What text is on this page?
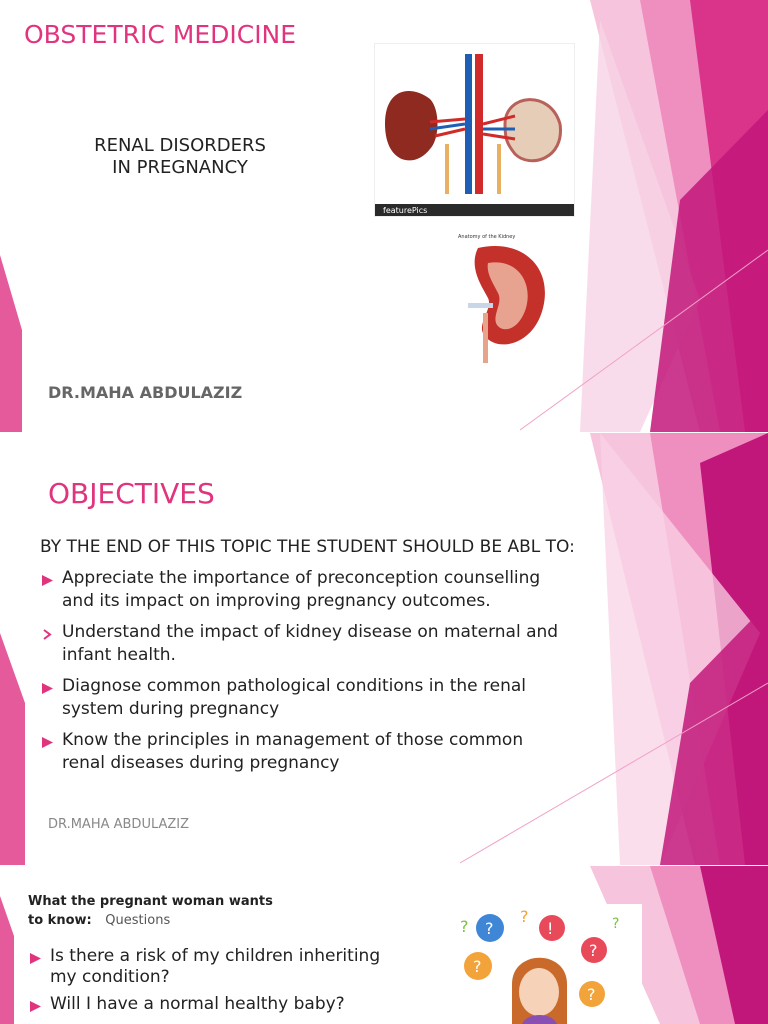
OBSTETRIC MEDICINE
RENAL DISORDERS
IN PREGNANCY
DR.MAHA ABDULAZIZ
featurePics
Anatomy of the Kidney
OBJECTIVES
BY THE END OF THIS TOPIC THE STUDENT SHOULD BE ABL TO:
Appreciate the importance of preconception counselling
and its impact on improving pregnancy outcomes.
Understand the impact of kidney disease on maternal and
infant health.
Diagnose common pathological conditions in the renal
system during pregnancy
Know the principles in management of those common
renal diseases during pregnancy
DR.MAHA ABDULAZIZ
What the pregnant woman wants
to know: Questions
Is there a risk of my children inheriting
my condition?
Will I have a normal healthy baby?
?	!
?
?
?
?
?	?
